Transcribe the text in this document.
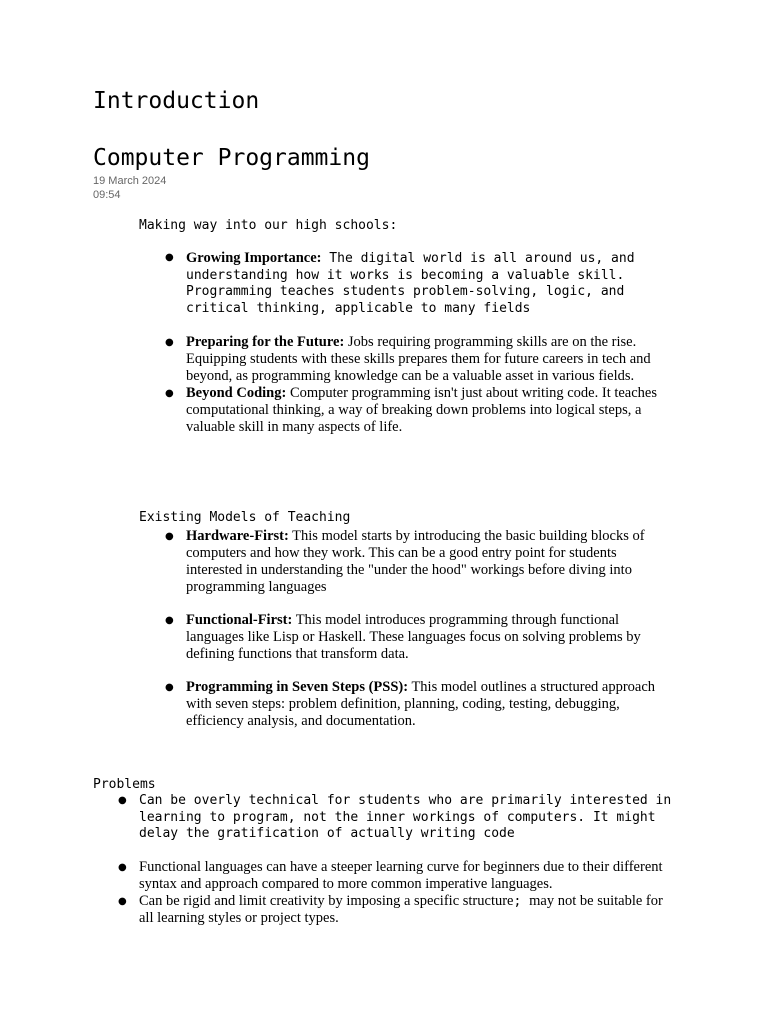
Introduction
Computer Programming
19 March 2024
09:54

Making way into our high schools:

● Growing Importance: The digital world is all around us, and understanding how it works is becoming a valuable skill. Programming teaches students problem-solving, logic, and critical thinking, applicable to many fields
● Preparing for the Future: Jobs requiring programming skills are on the rise. Equipping students with these skills prepares them for future careers in tech and beyond, as programming knowledge can be a valuable asset in various fields.
● Beyond Coding: Computer programming isn't just about writing code. It teaches computational thinking, a way of breaking down problems into logical steps, a valuable skill in many aspects of life.

Existing Models of Teaching

● Hardware-First: This model starts by introducing the basic building blocks of computers and how they work. This can be a good entry point for students interested in understanding the "under the hood" workings before diving into programming languages
● Functional-First: This model introduces programming through functional languages like Lisp or Haskell. These languages focus on solving problems by defining functions that transform data.
● Programming in Seven Steps (PSS): This model outlines a structured approach with seven steps: problem definition, planning, coding, testing, debugging, efficiency analysis, and documentation.

Problems

● Can be overly technical for students who are primarily interested in learning to program, not the inner workings of computers. It might delay the gratification of actually writing code
● Functional languages can have a steeper learning curve for beginners due to their different syntax and approach compared to more common imperative languages.
● Can be rigid and limit creativity by imposing a specific structure; may not be suitable for all learning styles or project types.
